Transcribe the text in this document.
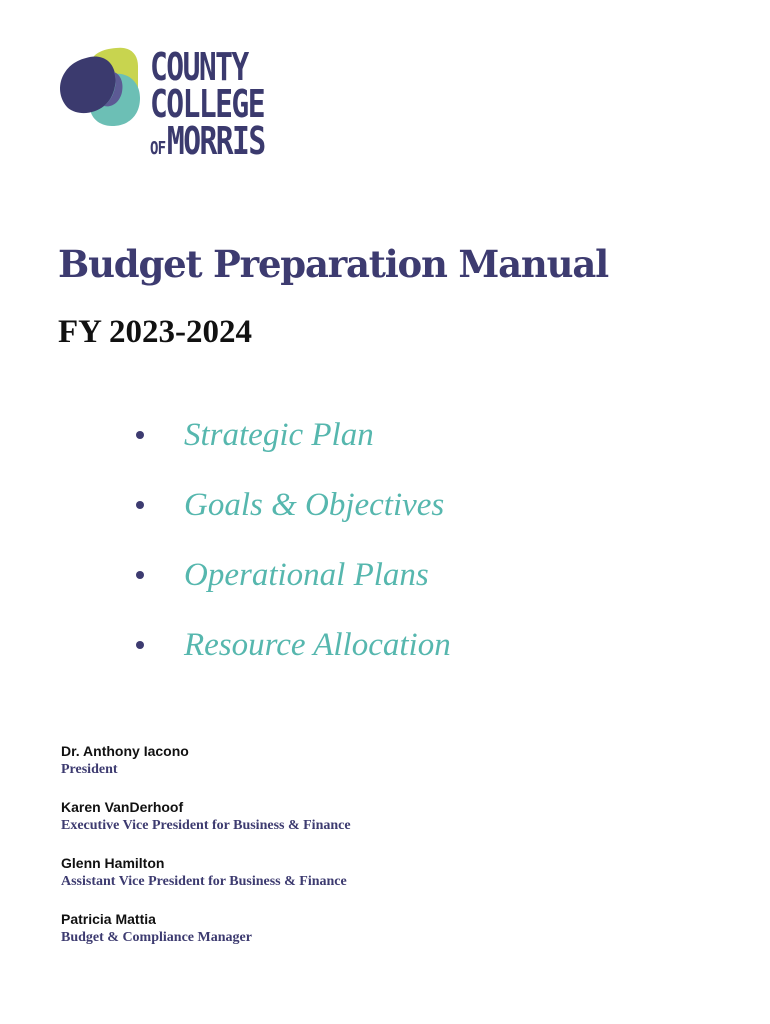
COUNTY
COLLEGE
OF MORRIS
Budget Preparation Manual
FY 2023-2024
Strategic Plan
Goals & Objectives
Operational Plans
Resource Allocation
Dr. Anthony Iacono
President
Karen VanDerhoof
Executive Vice President for Business & Finance
Glenn Hamilton
Assistant Vice President for Business & Finance
Patricia Mattia
Budget & Compliance Manager
